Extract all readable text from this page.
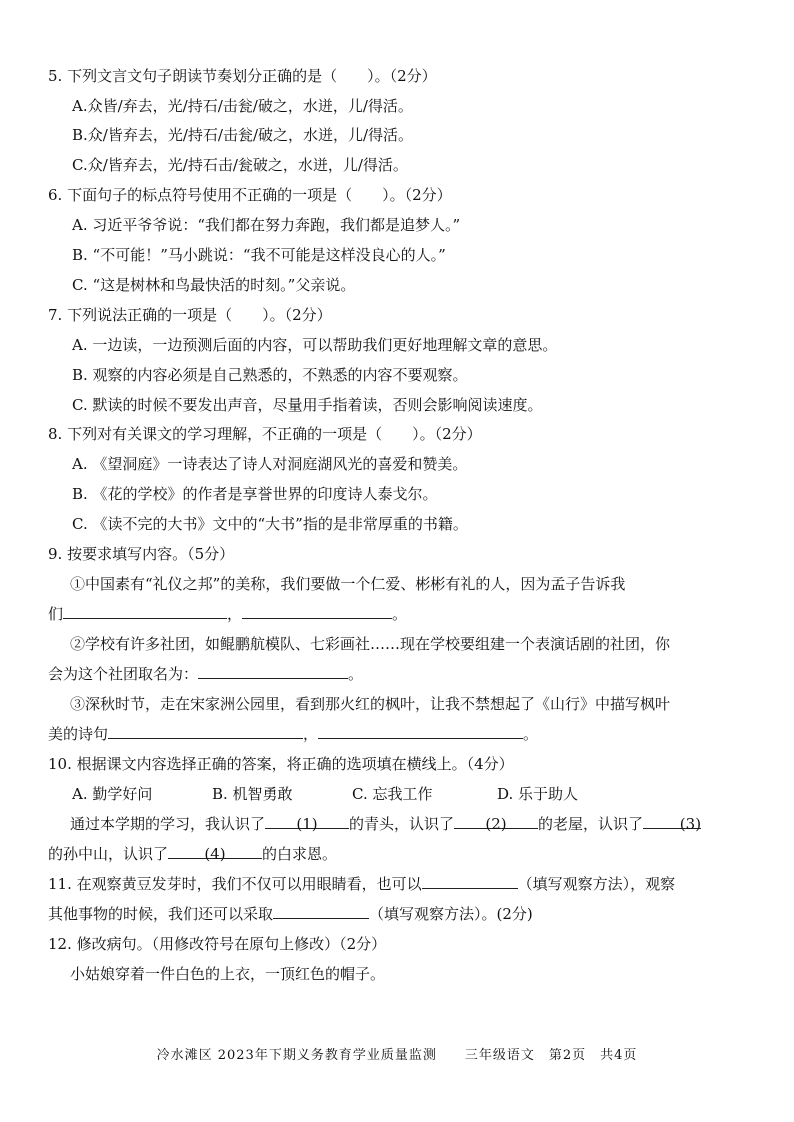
5. 下列文言文句子朗读节奏划分正确的是（　　）。（2分）
A.众皆/弃去，光/持石/击瓮/破之，水迸，儿/得活。
B.众/皆弃去，光/持石/击瓮/破之，水迸，儿/得活。
C.众/皆弃去，光/持石击/瓮破之，水迸，儿/得活。
6. 下面句子的标点符号使用不正确的一项是（　　）。（2分）
A. 习近平爷爷说：“我们都在努力奔跑，我们都是追梦人。”
B. “不可能！”马小跳说：“我不可能是这样没良心的人。”
C. “这是树林和鸟最快活的时刻。”父亲说。
7. 下列说法正确的一项是（　　）。（2分）
A. 一边读，一边预测后面的内容，可以帮助我们更好地理解文章的意思。
B. 观察的内容必须是自己熟悉的，不熟悉的内容不要观察。
C. 默读的时候不要发出声音，尽量用手指着读，否则会影响阅读速度。
8. 下列对有关课文的学习理解，不正确的一项是（　　）。（2分）
A. 《望洞庭》一诗表达了诗人对洞庭湖风光的喜爱和赞美。
B. 《花的学校》的作者是享誉世界的印度诗人泰戈尔。
C. 《读不完的大书》文中的“大书”指的是非常厚重的书籍。
9. 按要求填写内容。（5分）
①中国素有“礼仪之邦”的美称，我们要做一个仁爱、彬彬有礼的人，因为孟子告诉我
们	，	。
②学校有许多社团，如鲲鹏航模队、七彩画社……现在学校要组建一个表演话剧的社团，你
会为这个社团取名为：	。
③深秋时节，走在宋家洲公园里，看到那火红的枫叶，让我不禁想起了《山行》中描写枫叶
美的诗句	，	。
10. 根据课文内容选择正确的答案，将正确的选项填在横线上。（4分）
A. 勤学好问	B. 机智勇敢	C. 忘我工作	D. 乐于助人
通过本学期的学习，我认识了 (1) 的青头，认识了 (2) 的老屋，认识了 (3)
的孙中山，认识了 (4) 的白求恩。
11. 在观察黄豆发芽时，我们不仅可以用眼睛看，也可以	（填写观察方法），观察
其他事物的时候，我们还可以采取	（填写观察方法）。(2分)
12. 修改病句。（用修改符号在原句上修改）（2分）
小姑娘穿着一件白色的上衣，一顶红色的帽子。
冷水滩区 2023年下期义务教育学业质量监测　　三年级语文　第2页　共4页
